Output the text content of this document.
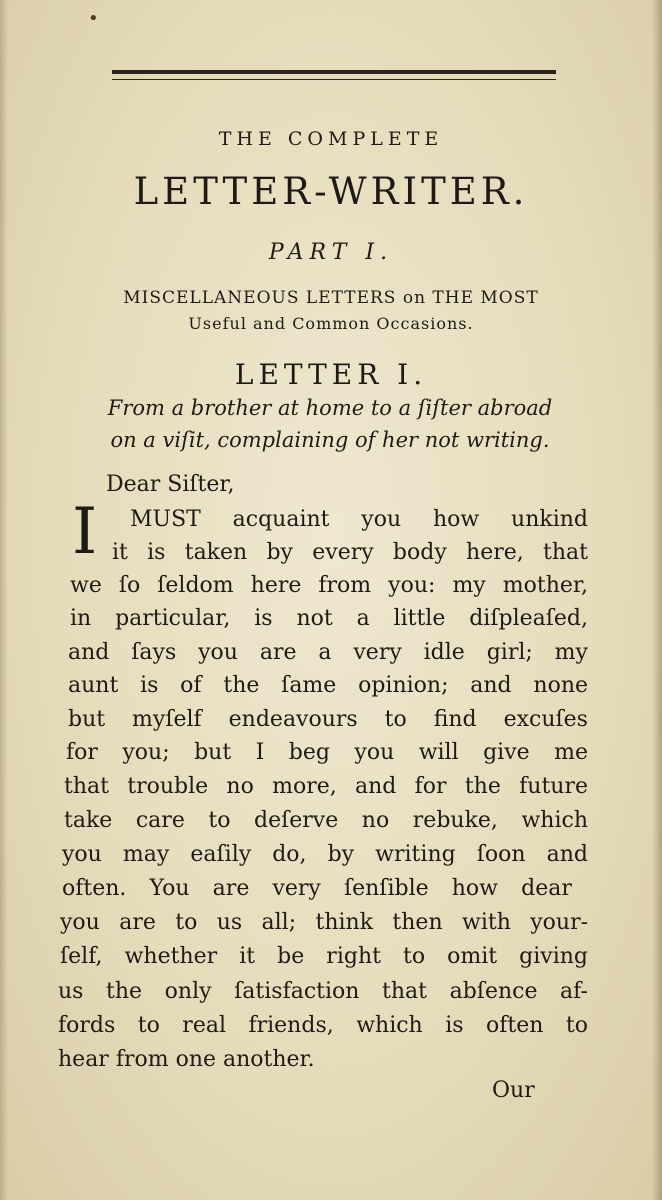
•
THE COMPLETE
LETTER-WRITER.
PART I.
MISCELLANEOUS LETTERS on THE MOST
Useful and Common Occasions.
LETTER I.
From a brother at home to a ſiſter abroad
on a viſit, complaining of her not writing.
Dear Siſter,
I MUST acquaint you how unkind
it is taken by every body here, that
we ſo ſeldom here from you: my mother,
in particular, is not a little diſpleaſed,
and ſays you are a very idle girl; my
aunt is of the ſame opinion; and none
but myſelf endeavours to find excuſes
for you; but I beg you will give me
that trouble no more, and for the future
take care to deſerve no rebuke, which
you may eaſily do, by writing ſoon and
often. You are very ſenſible how dear
you are to us all; think then with your-
ſelf, whether it be right to omit giving
us the only ſatisfaction that abſence af-
fords to real friends, which is often to
hear from one another.
Our
